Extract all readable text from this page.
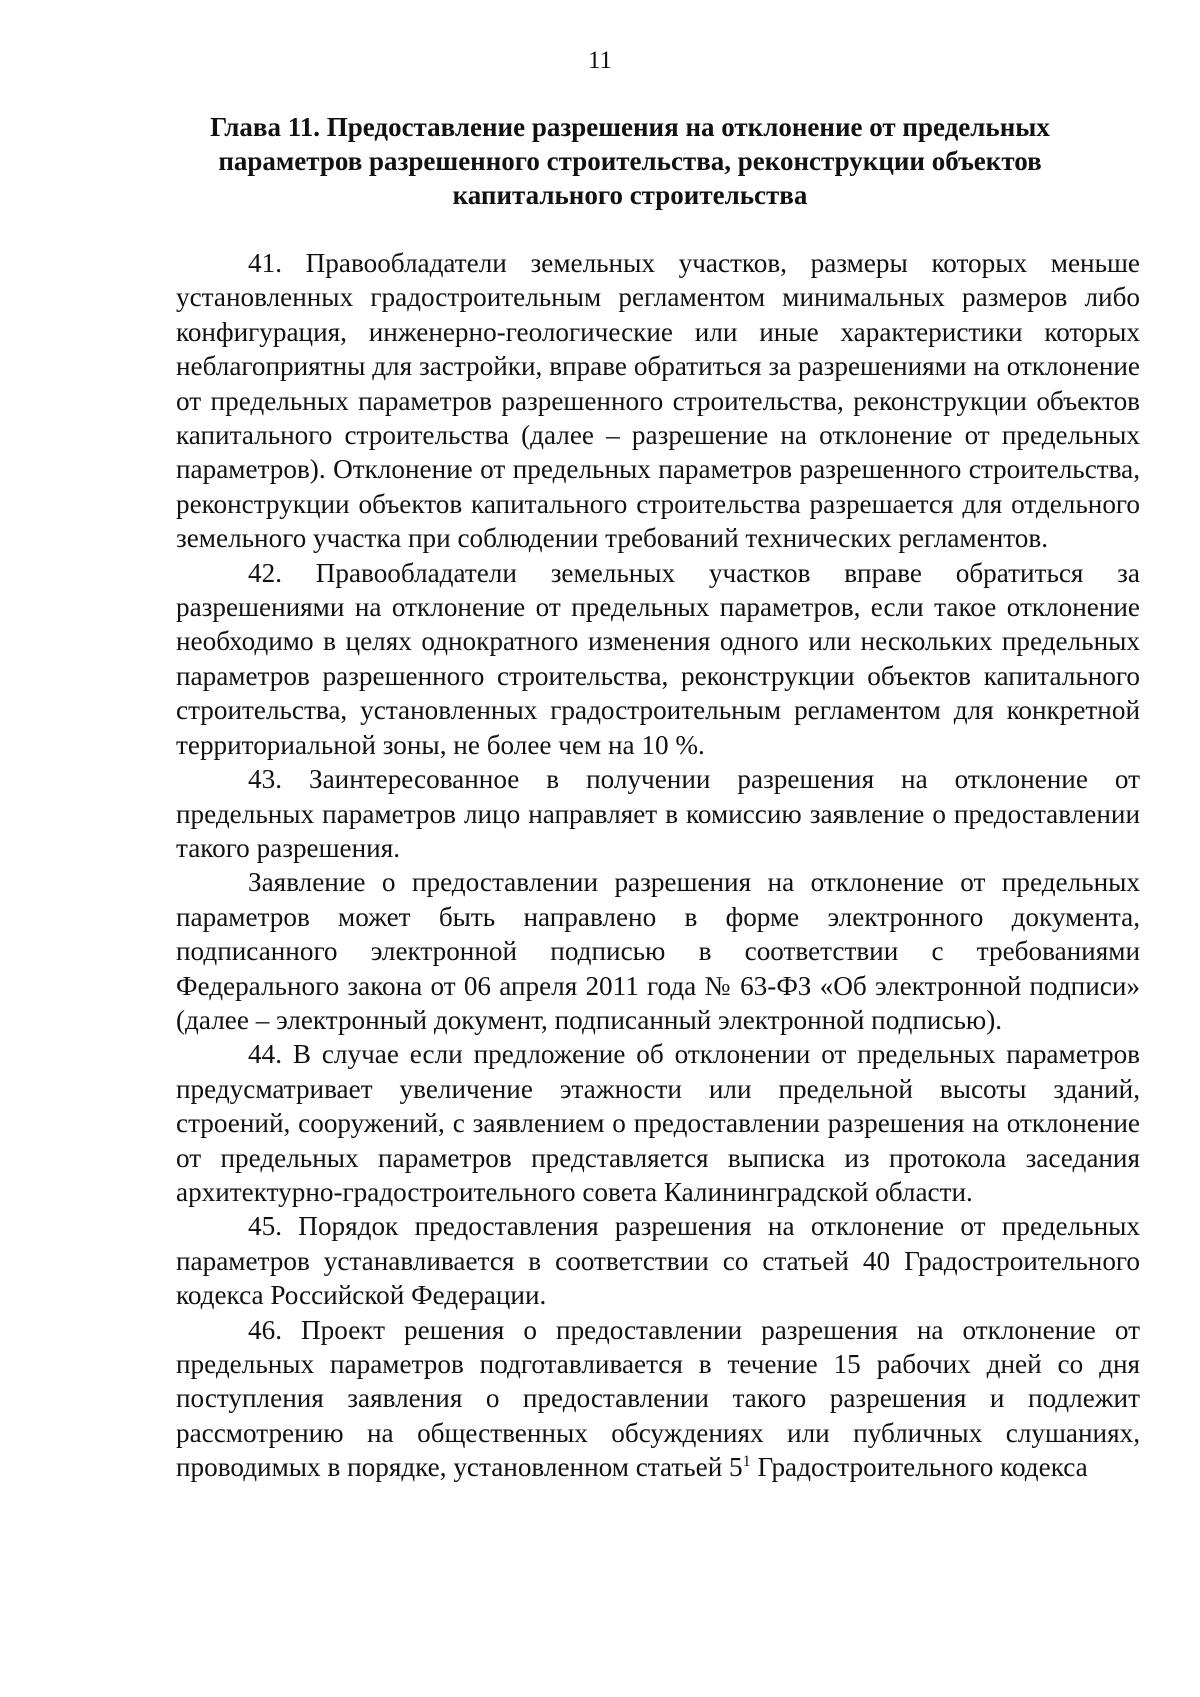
11
Глава 11. Предоставление разрешения на отклонение от предельных параметров разрешенного строительства, реконструкции объектов капитального строительства

41. Правообладатели земельных участков, размеры которых меньше установленных градостроительным регламентом минимальных размеров либо конфигурация, инженерно-геологические или иные характеристики которых неблагоприятны для застройки, вправе обратиться за разрешениями на отклонение от предельных параметров разрешенного строительства, реконструкции объектов капитального строительства (далее – разрешение на отклонение от предельных параметров). Отклонение от предельных параметров разрешенного строительства, реконструкции объектов капитального строительства разрешается для отдельного земельного участка при соблюдении требований технических регламентов.

42. Правообладатели земельных участков вправе обратиться за разрешениями на отклонение от предельных параметров, если такое отклонение необходимо в целях однократного изменения одного или нескольких предельных параметров разрешенного строительства, реконструкции объектов капитального строительства, установленных градостроительным регламентом для конкретной территориальной зоны, не более чем на 10 %.

43. Заинтересованное в получении разрешения на отклонение от предельных параметров лицо направляет в комиссию заявление о предоставлении такого разрешения.

Заявление о предоставлении разрешения на отклонение от предельных параметров может быть направлено в форме электронного документа, подписанного электронной подписью в соответствии с требованиями Федерального закона от 06 апреля 2011 года № 63-ФЗ «Об электронной подписи» (далее – электронный документ, подписанный электронной подписью).

44. В случае если предложение об отклонении от предельных параметров предусматривает увеличение этажности или предельной высоты зданий, строений, сооружений, с заявлением о предоставлении разрешения на отклонение от предельных параметров представляется выписка из протокола заседания архитектурно-градостроительного совета Калининградской области.

45. Порядок предоставления разрешения на отклонение от предельных параметров устанавливается в соответствии со статьей 40 Градостроительного кодекса Российской Федерации.

46. Проект решения о предоставлении разрешения на отклонение от предельных параметров подготавливается в течение 15 рабочих дней со дня поступления заявления о предоставлении такого разрешения и подлежит рассмотрению на общественных обсуждениях или публичных слушаниях, проводимых в порядке, установленном статьей $5^1$ Градостроительного кодекса
